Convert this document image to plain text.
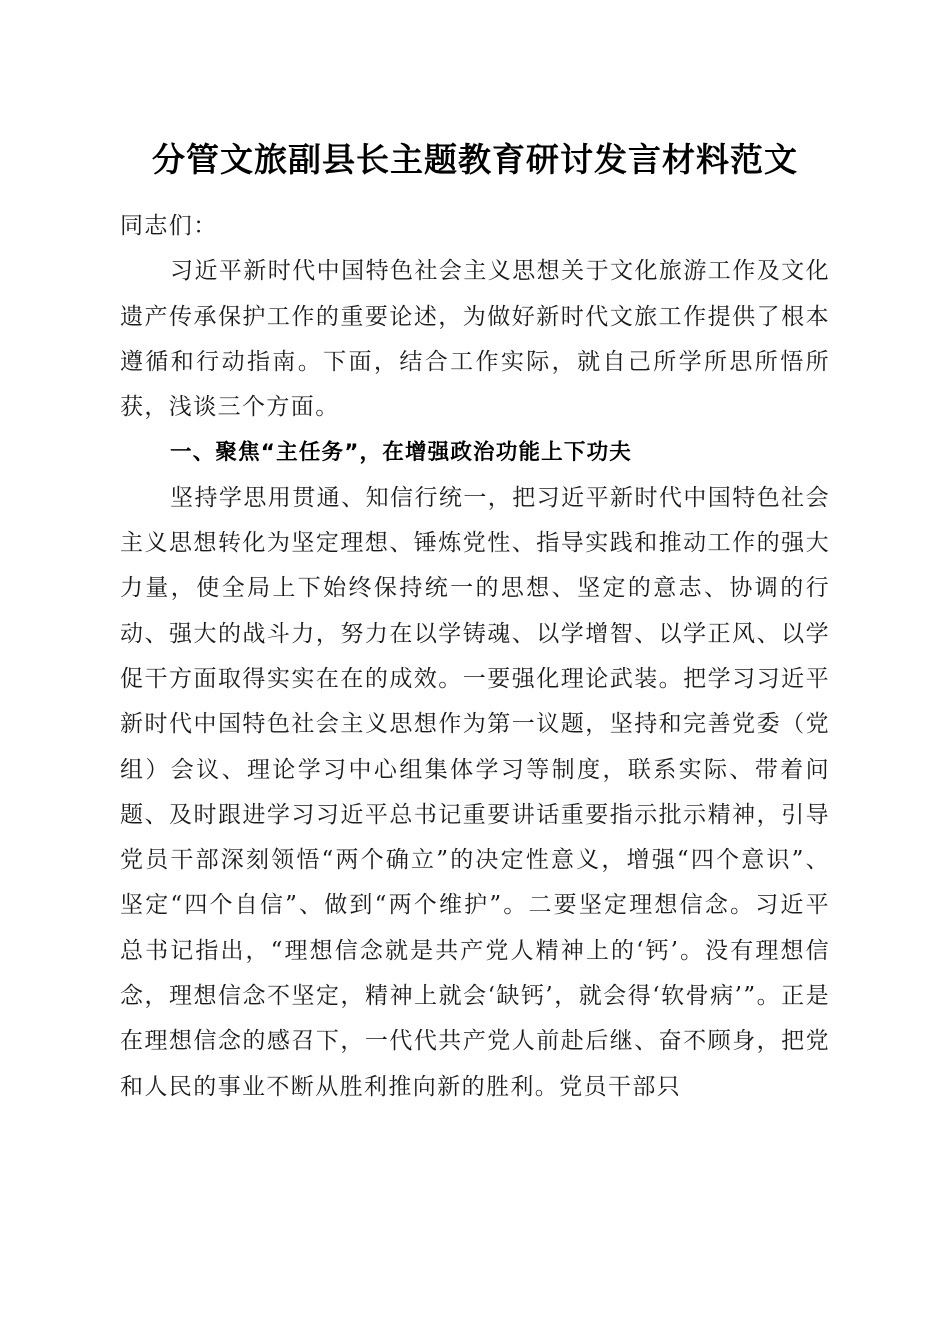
分管文旅副县长主题教育研讨发言材料范文

同志们：

习近平新时代中国特色社会主义思想关于文化旅游工作及文化遗产传承保护工作的重要论述，为做好新时代文旅工作提供了根本遵循和行动指南。下面，结合工作实际，就自己所学所思所悟所获，浅谈三个方面。

一、聚焦“主任务”，在增强政治功能上下功夫

坚持学思用贯通、知信行统一，把习近平新时代中国特色社会主义思想转化为坚定理想、锤炼党性、指导实践和推动工作的强大力量，使全局上下始终保持统一的思想、坚定的意志、协调的行动、强大的战斗力，努力在以学铸魂、以学增智、以学正风、以学促干方面取得实实在在的成效。一要强化理论武装。把学习习近平新时代中国特色社会主义思想作为第一议题，坚持和完善党委（党组）会议、理论学习中心组集体学习等制度，联系实际、带着问题、及时跟进学习习近平总书记重要讲话重要指示批示精神，引导党员干部深刻领悟“两个确立”的决定性意义，增强“四个意识”、坚定“四个自信”、做到“两个维护”。二要坚定理想信念。习近平总书记指出，“理想信念就是共产党人精神上的‘钙’。没有理想信念，理想信念不坚定，精神上就会‘缺钙’，就会得‘软骨病’”。正是在理想信念的感召下，一代代共产党人前赴后继、奋不顾身，把党和人民的事业不断从胜利推向新的胜利。党员干部只
